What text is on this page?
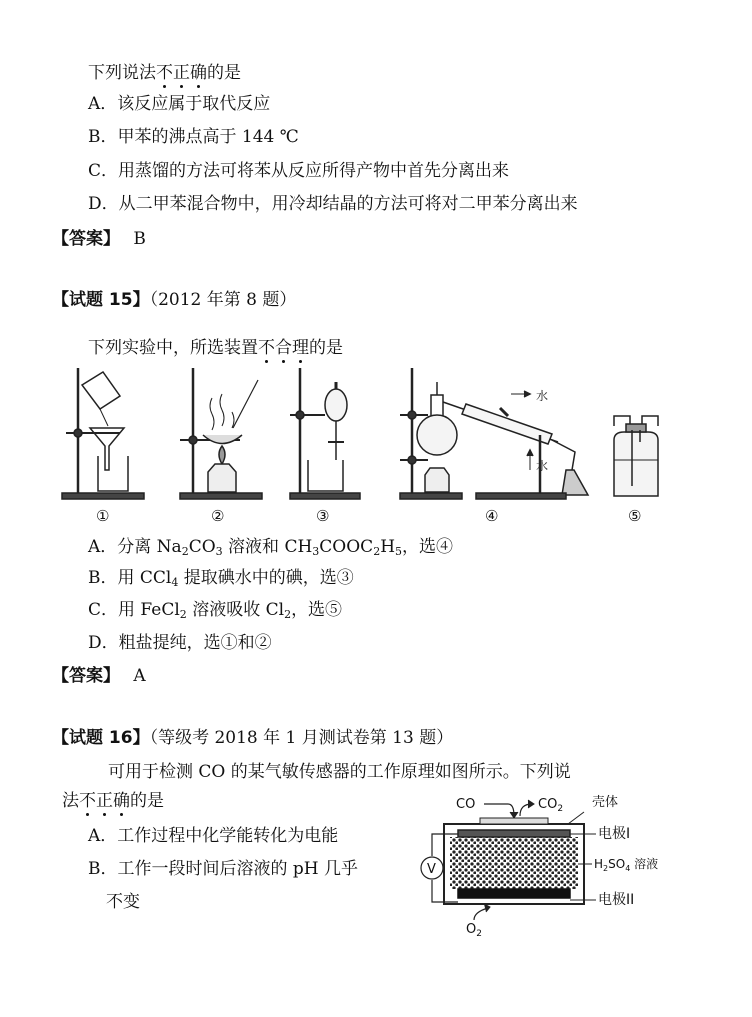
下列说法不正确的是
A．该反应属于取代反应
B．甲苯的沸点高于 144 ℃
C．用蒸馏的方法可将苯从反应所得产物中首先分离出来
D．从二甲苯混合物中，用冷却结晶的方法可将对二甲苯分离出来
【答案】 B
【试题 15】（2012 年第 8 题）
下列实验中，所选装置不合理的是
水
水
①	②	③	④	⑤
A．分离 $Na_2CO_3$ 溶液和 $CH_3COOC_2H_5$，选④
B．用 CCl$_4$ 提取碘水中的碘，选③
C．用 FeCl$_2$ 溶液吸收 $Cl_2$，选⑤
D．粗盐提纯，选①和②
【答案】 A
【试题 16】（等级考 2018 年 1 月测试卷第 13 题）
可用于检测 CO 的某气敏传感器的工作原理如图所示。下列说
法不正确的是
A．工作过程中化学能转化为电能
B．工作一段时间后溶液的 pH 几乎
不变
CO	$CO_2$ 壳体
电极I
$H_2SO_4$ 溶液
电极II
$O_2$
V
